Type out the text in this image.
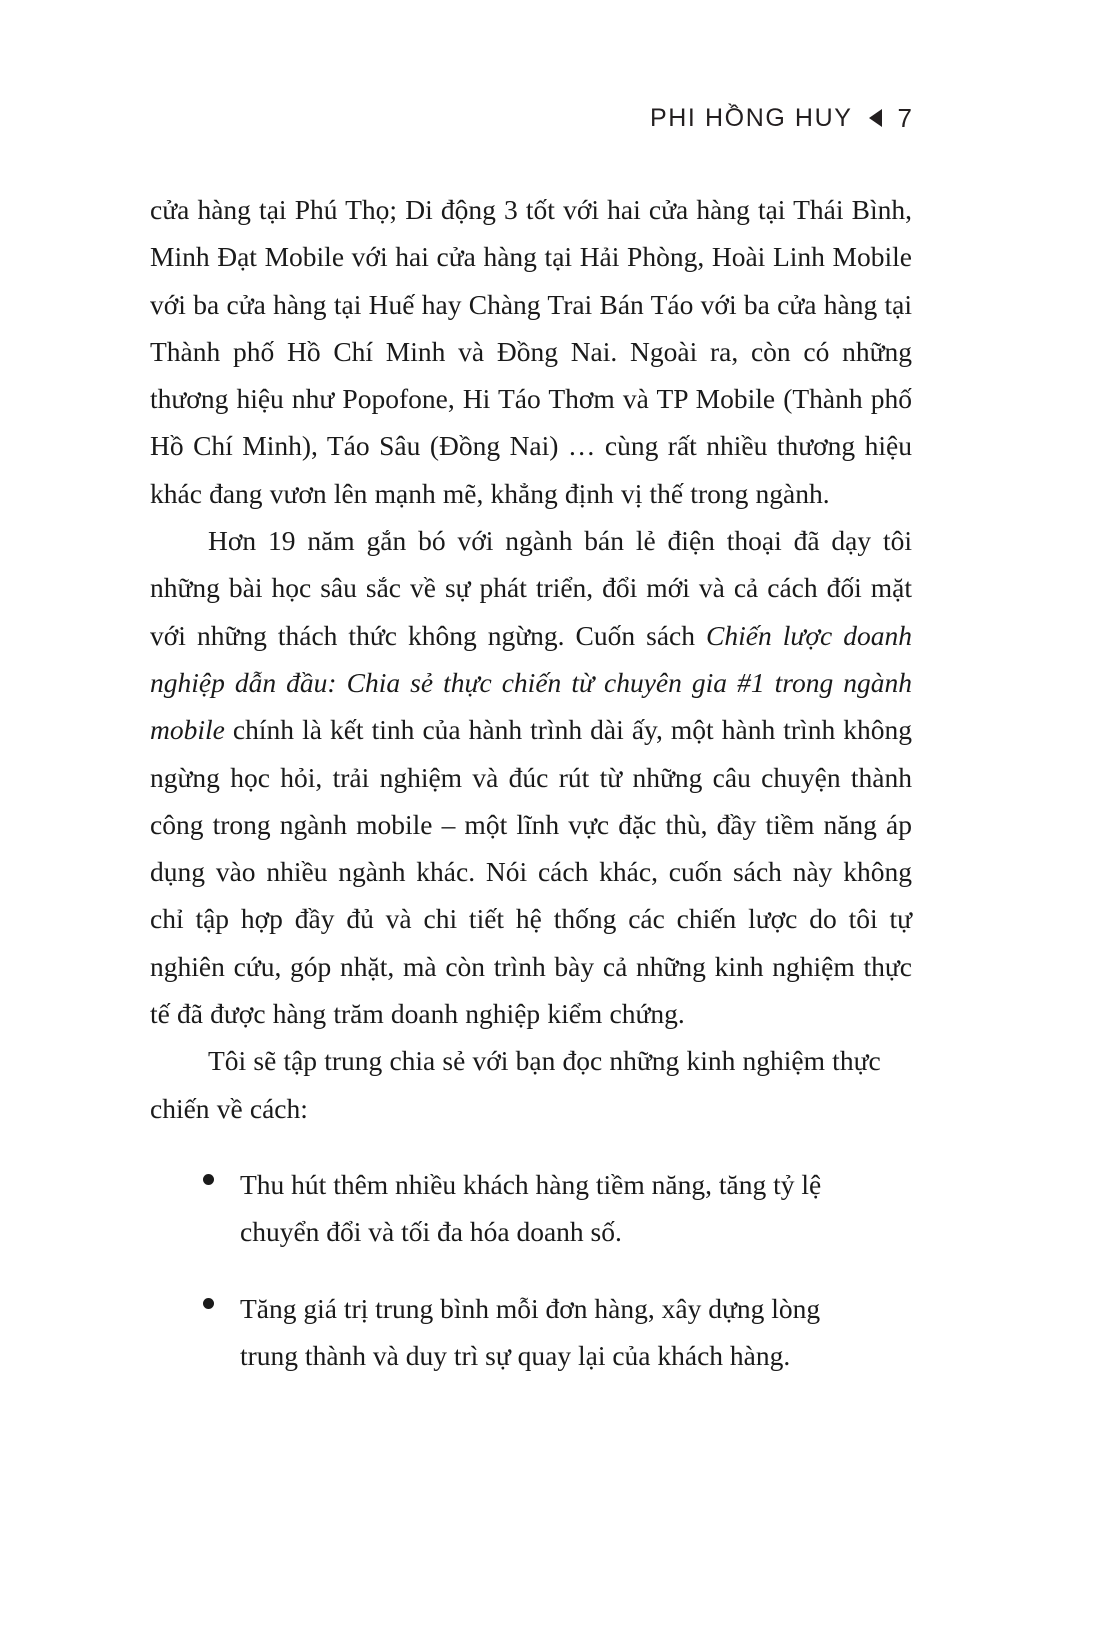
PHI HỒNG HUY 7

cửa hàng tại Phú Thọ; Di động 3 tốt với hai cửa hàng tại Thái Bình, Minh Đạt Mobile với hai cửa hàng tại Hải Phòng, Hoài Linh Mobile với ba cửa hàng tại Huế hay Chàng Trai Bán Táo với ba cửa hàng tại Thành phố Hồ Chí Minh và Đồng Nai. Ngoài ra, còn có những thương hiệu như Popofone, Hi Táo Thơm và TP Mobile (Thành phố Hồ Chí Minh), Táo Sâu (Đồng Nai) … cùng rất nhiều thương hiệu khác đang vươn lên mạnh mẽ, khẳng định vị thế trong ngành.

Hơn 19 năm gắn bó với ngành bán lẻ điện thoại đã dạy tôi những bài học sâu sắc về sự phát triển, đổi mới và cả cách đối mặt với những thách thức không ngừng. Cuốn sách Chiến lược doanh nghiệp dẫn đầu: Chia sẻ thực chiến từ chuyên gia #1 trong ngành mobile chính là kết tinh của hành trình dài ấy, một hành trình không ngừng học hỏi, trải nghiệm và đúc rút từ những câu chuyện thành công trong ngành mobile – một lĩnh vực đặc thù, đầy tiềm năng áp dụng vào nhiều ngành khác. Nói cách khác, cuốn sách này không chỉ tập hợp đầy đủ và chi tiết hệ thống các chiến lược do tôi tự nghiên cứu, góp nhặt, mà còn trình bày cả những kinh nghiệm thực tế đã được hàng trăm doanh nghiệp kiểm chứng.

Tôi sẽ tập trung chia sẻ với bạn đọc những kinh nghiệm thực chiến về cách:

Thu hút thêm nhiều khách hàng tiềm năng, tăng tỷ lệ
chuyển đổi và tối đa hóa doanh số.
Tăng giá trị trung bình mỗi đơn hàng, xây dựng lòng
trung thành và duy trì sự quay lại của khách hàng.
